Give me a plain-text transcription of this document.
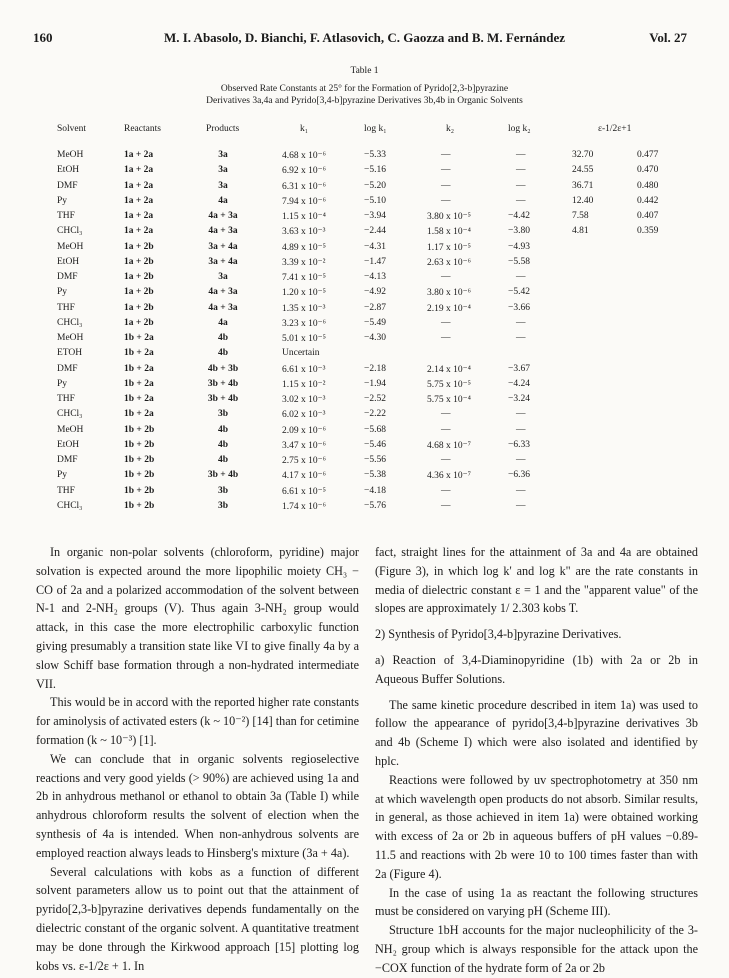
M. I. Abasolo, D. Bianchi, F. Atlasovich, C. Gaozza and B. M. Fernández
160	Vol. 27
Table 1
Observed Rate Constants at 25° for the Formation of Pyrido[2,3-b]pyrazine
Derivatives 3a,4a and Pyrido[3,4-b]pyrazine Derivatives 3b,4b in Organic Solvents
Solvent	Reactants	Products	k₁	log k₁	k₂	log k₂	ε-1/2ε+1
MeOH	1a + 2a	3a	4.68 x 10⁻⁶	−5.33	—	—	32.70	0.477
EtOH	1a + 2a	3a	6.92 x 10⁻⁶	−5.16	—	—	24.55	0.470
DMF	1a + 2a	3a	6.31 x 10⁻⁶	−5.20	—	—	36.71	0.480
Py	1a + 2a	4a	7.94 x 10⁻⁶	−5.10	—	—	12.40	0.442
THF	1a + 2a	4a + 3a	1.15 x 10⁻⁴	−3.94	3.80 x 10⁻⁵	−4.42	7.58	0.407
CHCl₃	1a + 2a	4a + 3a	3.63 x 10⁻³	−2.44	1.58 x 10⁻⁴	−3.80	4.81	0.359
MeOH	1a + 2b	3a + 4a	4.89 x 10⁻⁵	−4.31	1.17 x 10⁻⁵	−4.93
EtOH	1a + 2b	3a + 4a	3.39 x 10⁻²	−1.47	2.63 x 10⁻⁶	−5.58
DMF	1a + 2b	3a	7.41 x 10⁻⁵	−4.13	—	—
Py	1a + 2b	4a + 3a	1.20 x 10⁻⁵	−4.92	3.80 x 10⁻⁶	−5.42
THF	1a + 2b	4a + 3a	1.35 x 10⁻³	−2.87	2.19 x 10⁻⁴	−3.66
CHCl₃	1a + 2b	4a	3.23 x 10⁻⁶	−5.49	—	—
MeOH	1b + 2a	4b	5.01 x 10⁻⁵	−4.30	—	—
ETOH	1b + 2a	4b	Uncertain
DMF	1b + 2a	4b + 3b	6.61 x 10⁻³	−2.18	2.14 x 10⁻⁴	−3.67
Py	1b + 2a	3b + 4b	1.15 x 10⁻²	−1.94	5.75 x 10⁻⁵	−4.24
THF	1b + 2a	3b + 4b	3.02 x 10⁻³	−2.52	5.75 x 10⁻⁴	−3.24
CHCl₃	1b + 2a	3b	6.02 x 10⁻³	−2.22	—	—
MeOH	1b + 2b	4b	2.09 x 10⁻⁶	−5.68	—	—
EtOH	1b + 2b	4b	3.47 x 10⁻⁶	−5.46	4.68 x 10⁻⁷	−6.33
DMF	1b + 2b	4b	2.75 x 10⁻⁶	−5.56	—	—
Py	1b + 2b	3b + 4b	4.17 x 10⁻⁶	−5.38	4.36 x 10⁻⁷	−6.36
THF	1b + 2b	3b	6.61 x 10⁻⁵	−4.18	—	—
CHCl₃	1b + 2b	3b	1.74 x 10⁻⁶	−5.76	—	—

In organic non-polar solvents (chloroform, pyridine) major solvation is expected around the more lipophilic moiety CH₃ − CO of 2a and a polarized accommodation of the solvent between N-1 and 2-NH₂ groups (V). Thus again 3-NH₂ group would attack, in this case the more electrophilic carboxylic function giving presumably a transition state like VI to give finally 4a by a slow Schiff base formation through a non-hydrated intermediate VII.

This would be in accord with the reported higher rate constants for aminolysis of activated esters (k ~ 10⁻²) [14] than for cetimine formation (k ~ 10⁻³) [1].

We can conclude that in organic solvents regioselective reactions and very good yields (> 90%) are achieved using 1a and 2b in anhydrous methanol or ethanol to obtain 3a (Table I) while anhydrous chloroform results the solvent of election when the synthesis of 4a is intended. When non-anhydrous solvents are employed reaction always leads to Hinsberg's mixture (3a + 4a).

Several calculations with kobs as a function of different solvent parameters allow us to point out that the attainment of pyrido[2,3-b]pyrazine derivatives depends fundamentally on the dielectric constant of the organic solvent. A quantitative treatment may be done through the Kirkwood approach [15] plotting log kobs vs. ε-1/2ε + 1. In

fact, straight lines for the attainment of 3a and 4a are obtained (Figure 3), in which log k' and log k" are the rate constants in media of dielectric constant ε = 1 and the "apparent value" of the slopes are approximately 1/ 2.303 kobs T.

2) Synthesis of Pyrido[3,4-b]pyrazine Derivatives.

a) Reaction of 3,4-Diaminopyridine (1b) with 2a or 2b in Aqueous Buffer Solutions.

The same kinetic procedure described in item 1a) was used to follow the appearance of pyrido[3,4-b]pyrazine derivatives 3b and 4b (Scheme I) which were also isolated and identified by hplc.

Reactions were followed by uv spectrophotometry at 350 nm at which wavelength open products do not absorb. Similar results, in general, as those achieved in item 1a) were obtained working with excess of 2a or 2b in aqueous buffers of pH values −0.89-11.5 and reactions with 2b were 10 to 100 times faster than with 2a (Figure 4).

In the case of using 1a as reactant the following structures must be considered on varying pH (Scheme III).

Structure 1bH accounts for the major nucleophilicity of the 3-NH₂ group which is always responsible for the attack upon the −COX function of the hydrate form of 2a or 2b
